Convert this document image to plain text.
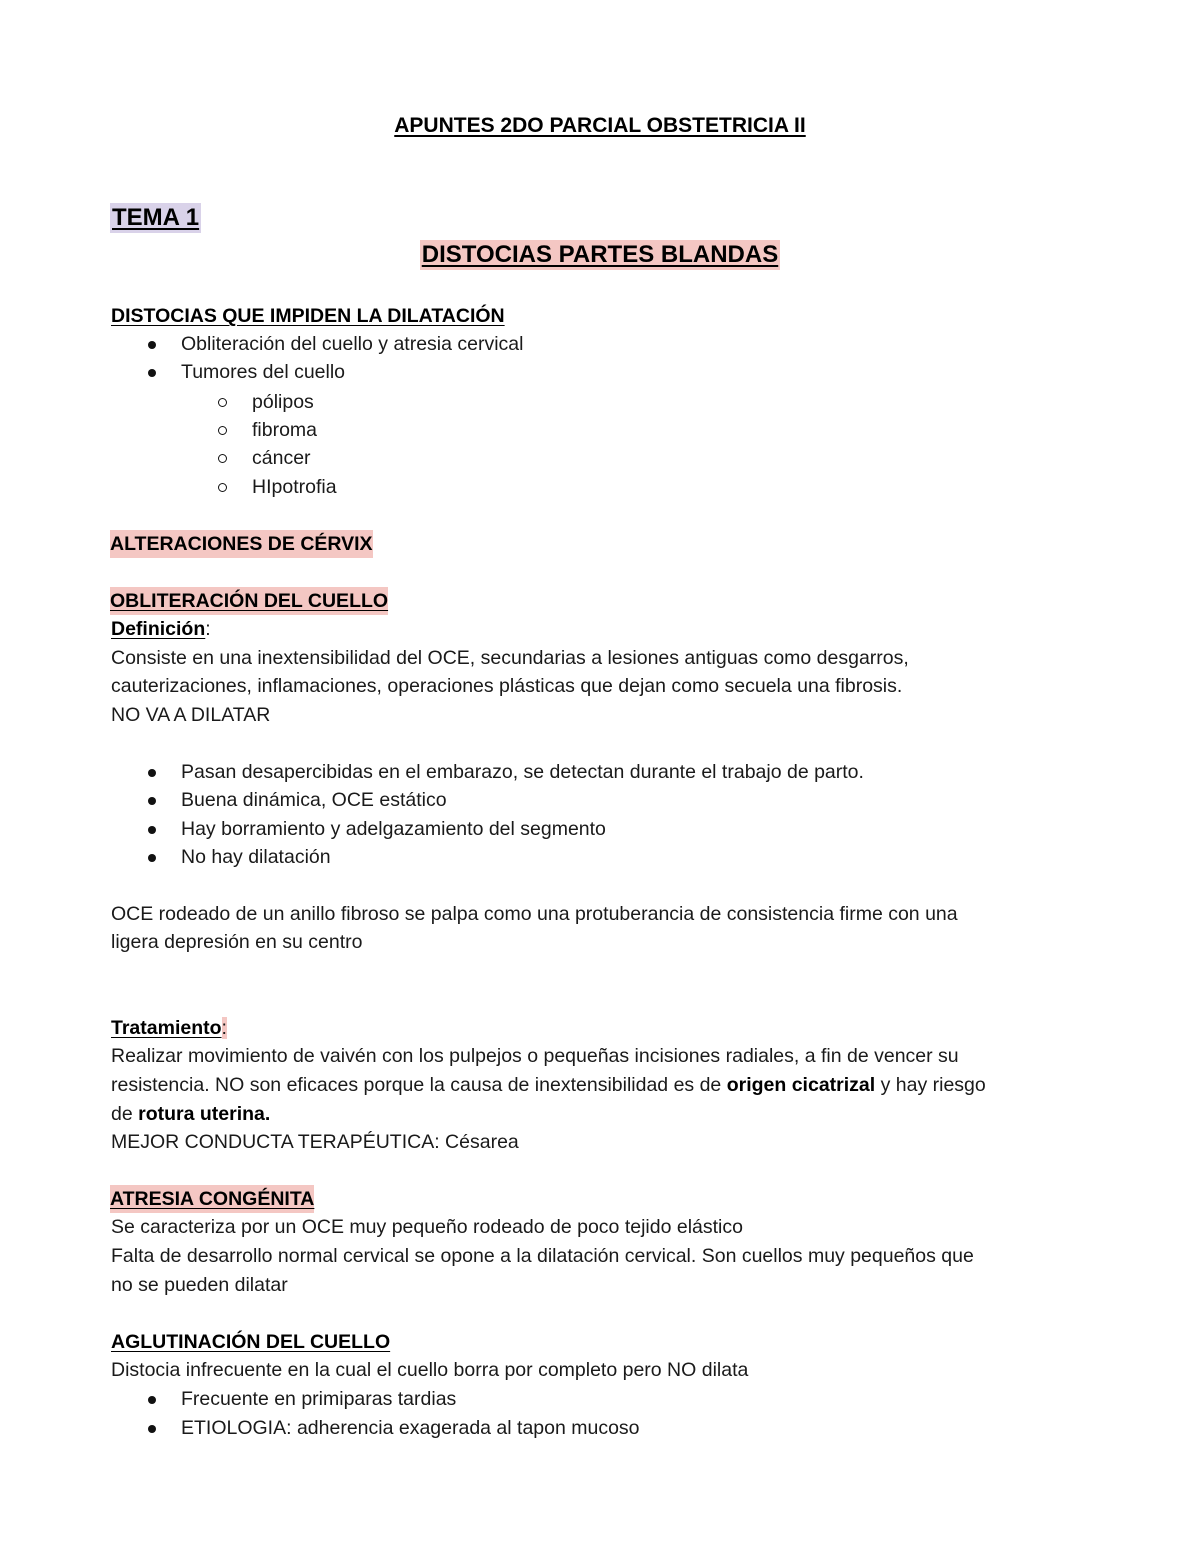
APUNTES 2DO PARCIAL OBSTETRICIA II
TEMA 1
DISTOCIAS PARTES BLANDAS
DISTOCIAS QUE IMPIDEN LA DILATACIÓN
Obliteración del cuello y atresia cervical
Tumores del cuello
pólipos
fibroma
cáncer
HIpotrofia
ALTERACIONES DE CÉRVIX
OBLITERACIÓN DEL CUELLO
Definición:
Consiste en una inextensibilidad del OCE, secundarias a lesiones antiguas como desgarros,
cauterizaciones, inflamaciones, operaciones plásticas que dejan como secuela una fibrosis.
NO VA A DILATAR
Pasan desapercibidas en el embarazo, se detectan durante el trabajo de parto.
Buena dinámica, OCE estático
Hay borramiento y adelgazamiento del segmento
No hay dilatación
OCE rodeado de un anillo fibroso se palpa como una protuberancia de consistencia firme con una
ligera depresión en su centro
Tratamiento:
Realizar movimiento de vaivén con los pulpejos o pequeñas incisiones radiales, a fin de vencer su
resistencia. NO son eficaces porque la causa de inextensibilidad es de origen cicatrizal y hay riesgo
de rotura uterina.
MEJOR CONDUCTA TERAPÉUTICA: Césarea
ATRESIA CONGÉNITA
Se caracteriza por un OCE muy pequeño rodeado de poco tejido elástico
Falta de desarrollo normal cervical se opone a la dilatación cervical. Son cuellos muy pequeños que
no se pueden dilatar
AGLUTINACIÓN DEL CUELLO
Distocia infrecuente en la cual el cuello borra por completo pero NO dilata
Frecuente en primiparas tardias
ETIOLOGIA: adherencia exagerada al tapon mucoso
